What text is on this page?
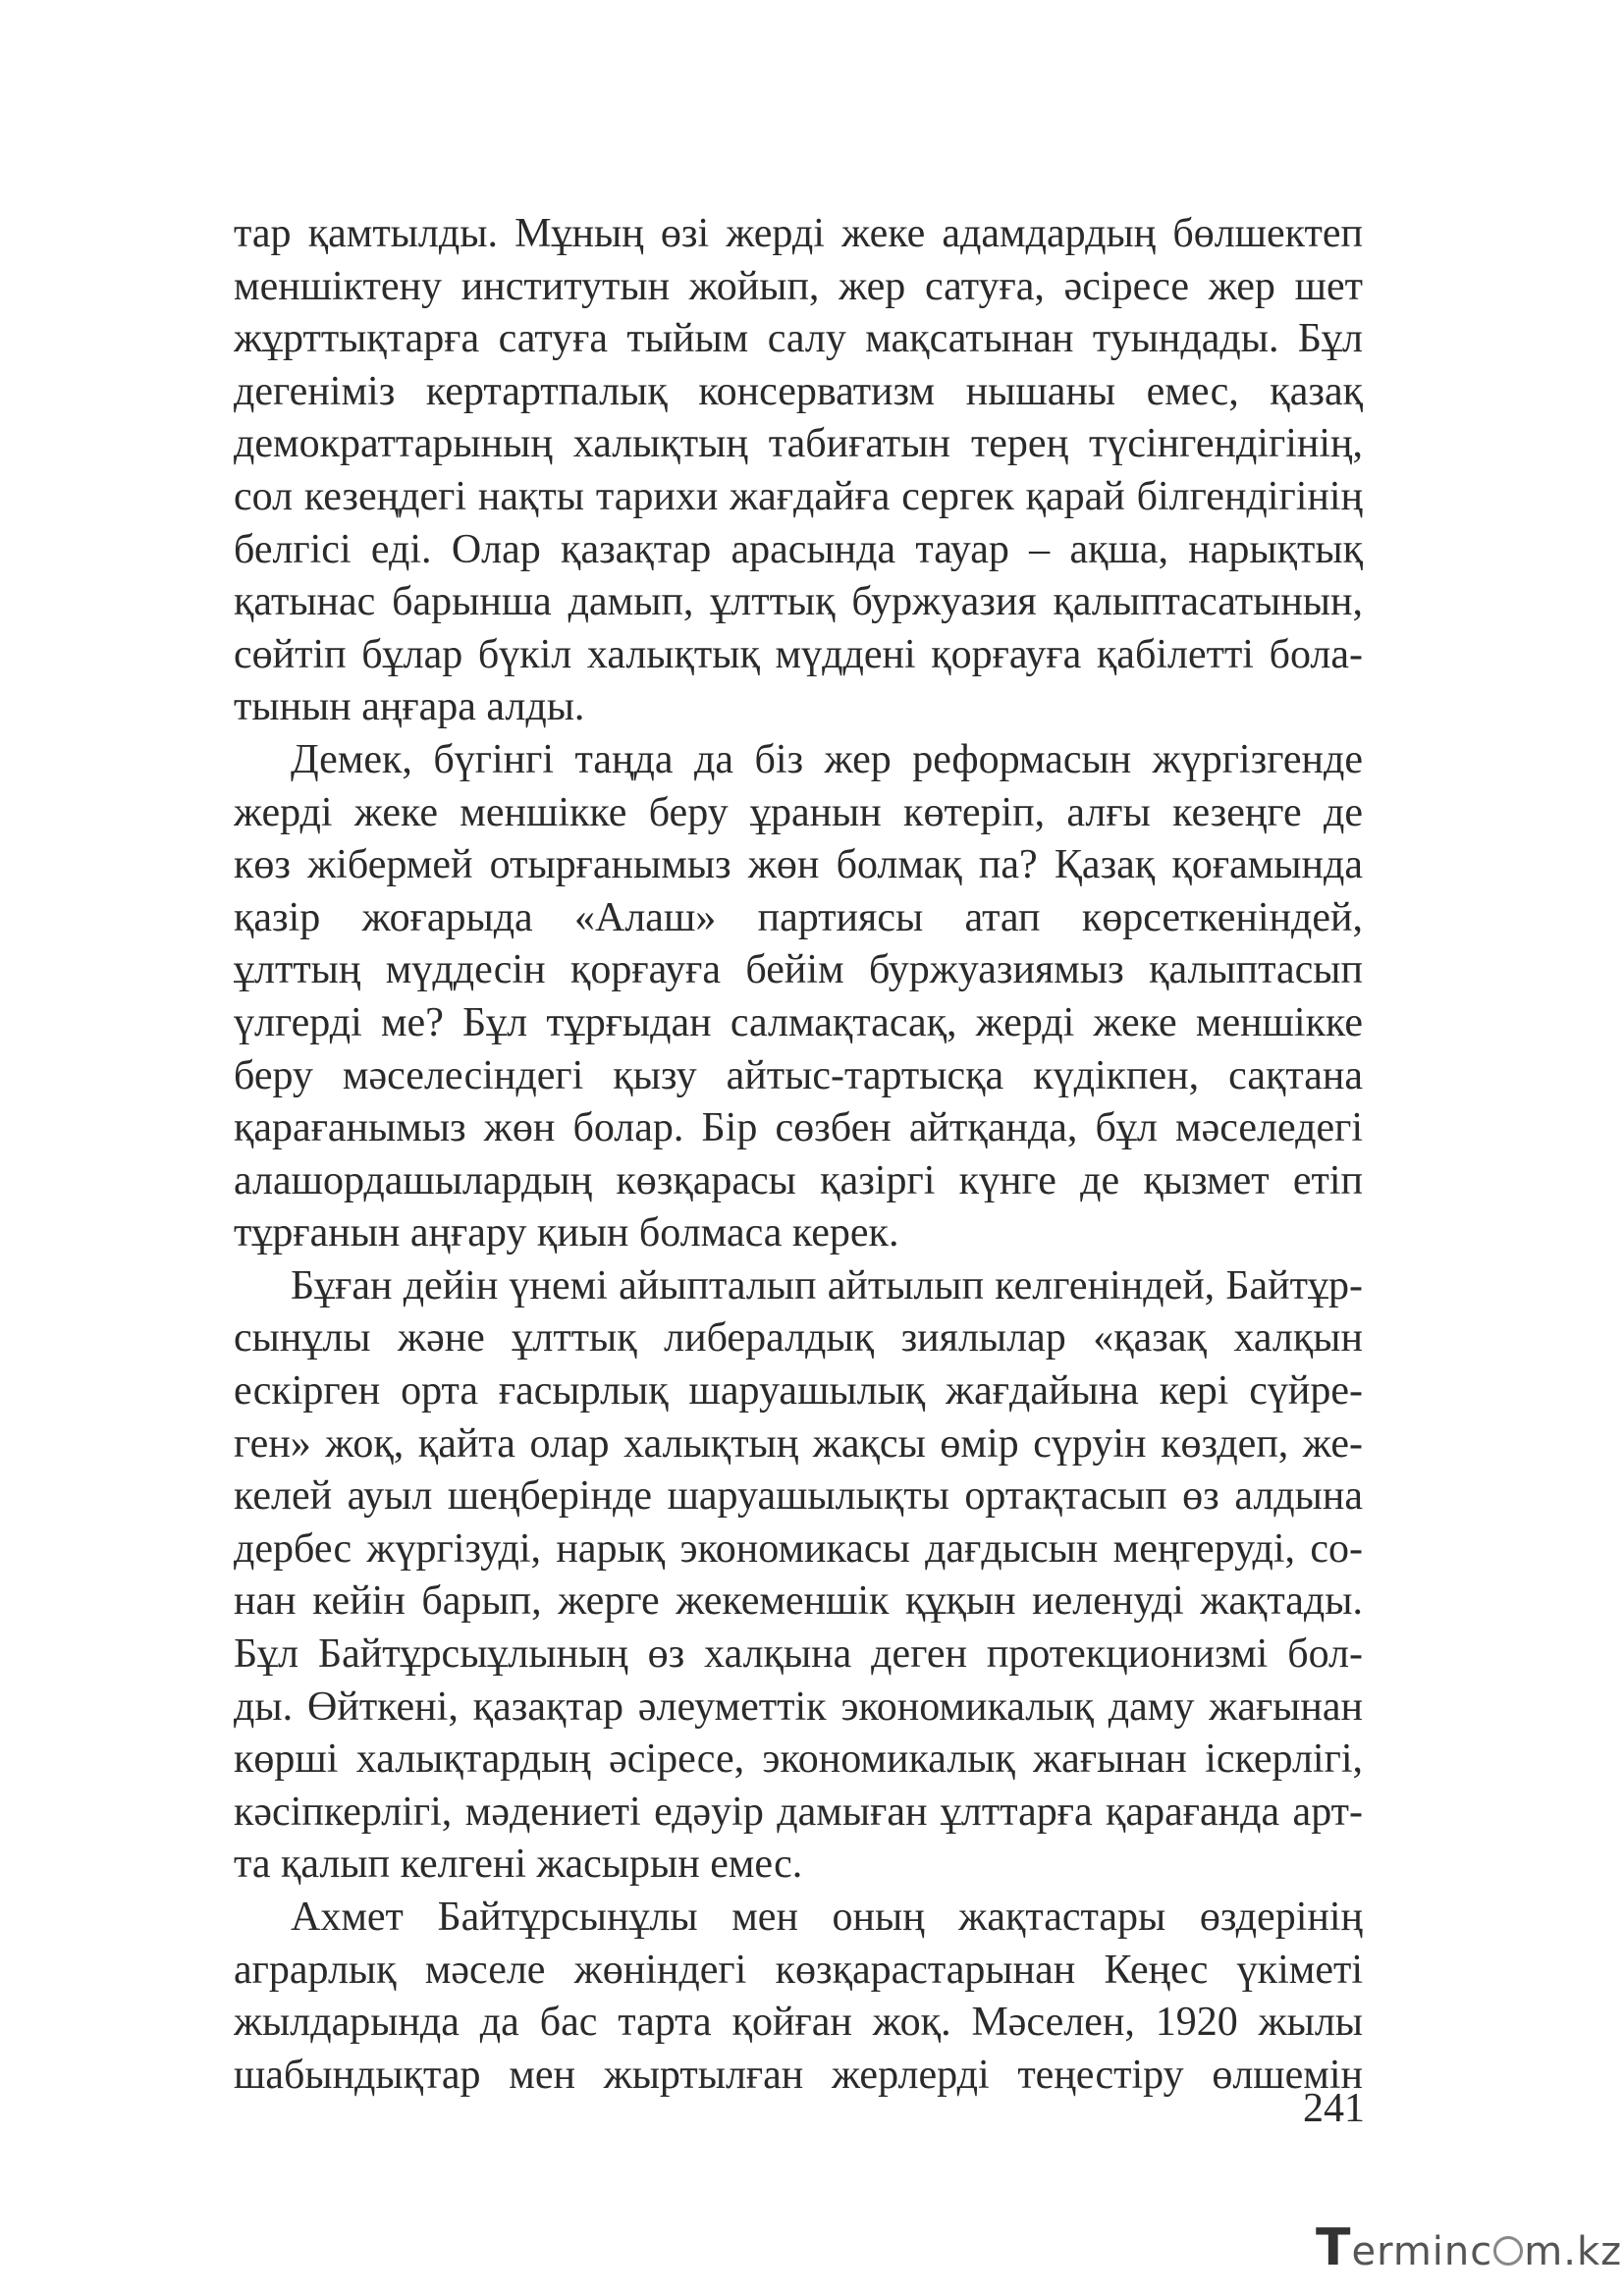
тар қамтылды. Мұның өзі жерді жеке адамдардың бөлшектеп
меншіктену институтын жойып, жер сатуға, әсіресе жер шет
жұрттықтарға сатуға тыйым салу мақсатынан туындады. Бұл
дегеніміз кертартпалық консерватизм нышаны емес, қазақ
демократтарының халықтың табиғатын терең түсінгендігінің,
сол кезеңдегі нақты тарихи жағдайға сергек қарай білгендігінің
белгісі еді. Олар қазақтар арасында тауар – ақша, нарықтық
қатынас барынша дамып, ұлттық буржуазия қалыптасатынын,
сөйтіп бұлар бүкіл халықтық мүддені қорғауға қабілетті бола-
тынын аңғара алды.
Демек, бүгінгі таңда да біз жер реформасын жүргізгенде
жерді жеке меншікке беру ұранын көтеріп, алғы кезеңге де
көз жібермей отырғанымыз жөн болмақ па? Қазақ қоғамында
қазір жоғарыда «Алаш» партиясы атап көрсеткеніндей,
ұлттың мүддесін қорғауға бейім буржуазиямыз қалыптасып
үлгерді ме? Бұл тұрғыдан салмақтасақ, жерді жеке меншікке
беру мәселесіндегі қызу айтыс-тартысқа күдікпен, сақтана
қарағанымыз жөн болар. Бір сөзбен айтқанда, бұл мәселедегі
алашордашылардың көзқарасы қазіргі күнге де қызмет етіп
тұрғанын аңғару қиын болмаса керек.
Бұған дейін үнемі айыпталып айтылып келгеніндей, Байтұр-
сынұлы және ұлттық либералдық зиялылар «қазақ халқын
ескірген орта ғасырлық шаруашылық жағдайына кері сүйре-
ген» жоқ, қайта олар халықтың жақсы өмір сүруін көздеп, же-
келей ауыл шеңберінде шаруашылықты ортақтасып өз алдына
дербес жүргізуді, нарық экономикасы дағдысын меңгеруді, со-
нан кейін барып, жерге жекеменшік құқын иеленуді жақтады.
Бұл Байтұрсыұлының өз халқына деген протекционизмі бол-
ды. Өйткені, қазақтар әлеуметтік экономикалық даму жағынан
көрші халықтардың әсіресе, экономикалық жағынан іскерлігі,
кәсіпкерлігі, мәдениеті едәуір дамыған ұлттарға қарағанда арт-
та қалып келгені жасырын емес.
Ахмет Байтұрсынұлы мен оның жақтастары өздерінің
аграрлық мәселе жөніндегі көзқарастарынан Кеңес үкіметі
жылдарында да бас тарта қойған жоқ. Мәселен, 1920 жылы
шабындықтар мен жыртылған жерлерді теңестіру өлшемін
241
Terminc m.kz
